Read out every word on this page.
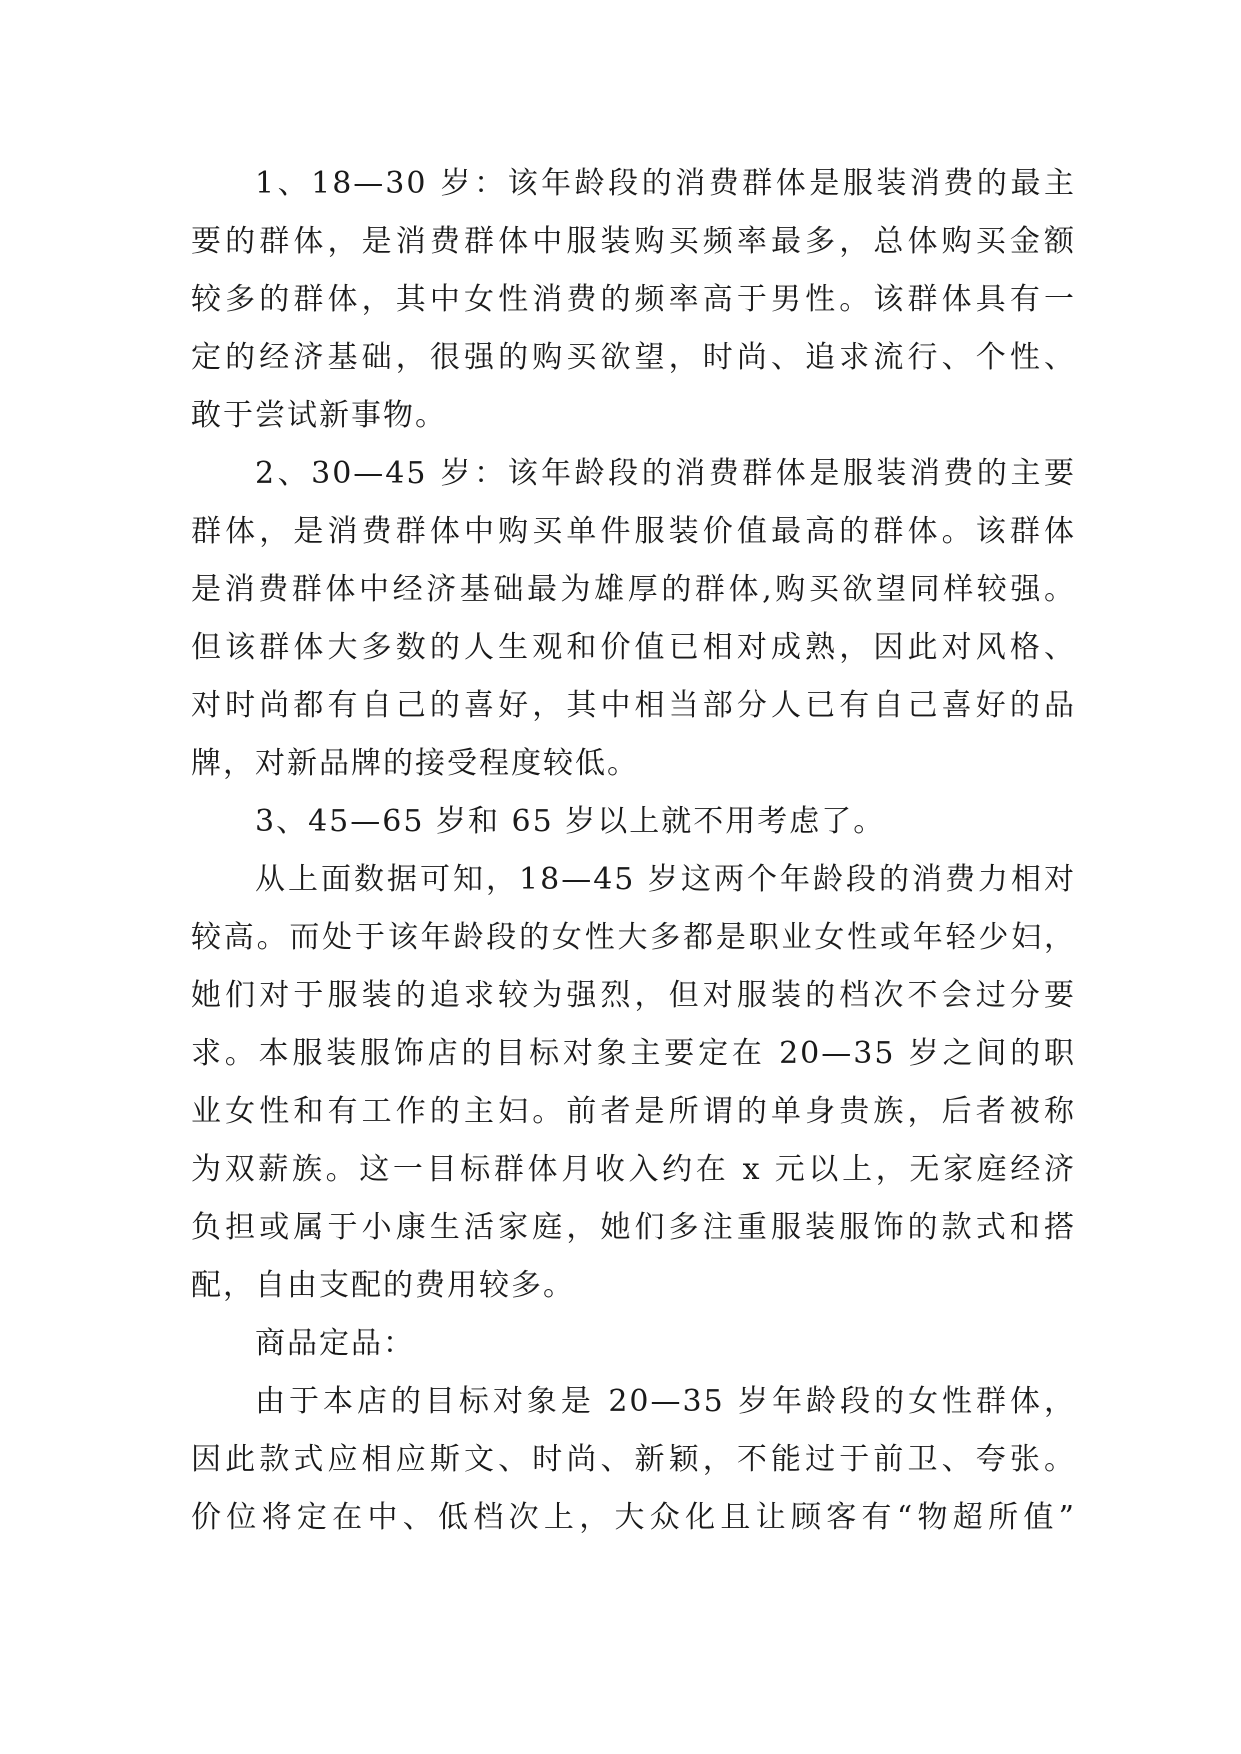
1、18—30 岁：该年龄段的消费群体是服装消费的最主
要的群体，是消费群体中服装购买频率最多，总体购买金额
较多的群体，其中女性消费的频率高于男性。该群体具有一
定的经济基础，很强的购买欲望，时尚、追求流行、个性、
敢于尝试新事物。

2、30—45 岁：该年龄段的消费群体是服装消费的主要
群体，是消费群体中购买单件服装价值最高的群体。该群体
是消费群体中经济基础最为雄厚的群体,购买欲望同样较强。
但该群体大多数的人生观和价值已相对成熟，因此对风格、
对时尚都有自己的喜好，其中相当部分人已有自己喜好的品
牌，对新品牌的接受程度较低。

3、45—65 岁和 65 岁以上就不用考虑了。

从上面数据可知，18—45 岁这两个年龄段的消费力相对
较高。而处于该年龄段的女性大多都是职业女性或年轻少妇，
她们对于服装的追求较为强烈，但对服装的档次不会过分要
求。本服装服饰店的目标对象主要定在 20—35 岁之间的职
业女性和有工作的主妇。前者是所谓的单身贵族，后者被称
为双薪族。这一目标群体月收入约在 x 元以上，无家庭经济
负担或属于小康生活家庭，她们多注重服装服饰的款式和搭
配，自由支配的费用较多。

商品定品：

由于本店的目标对象是 20—35 岁年龄段的女性群体，
因此款式应相应斯文、时尚、新颖，不能过于前卫、夸张。
价位将定在中、低档次上，大众化且让顾客有“物超所值”
